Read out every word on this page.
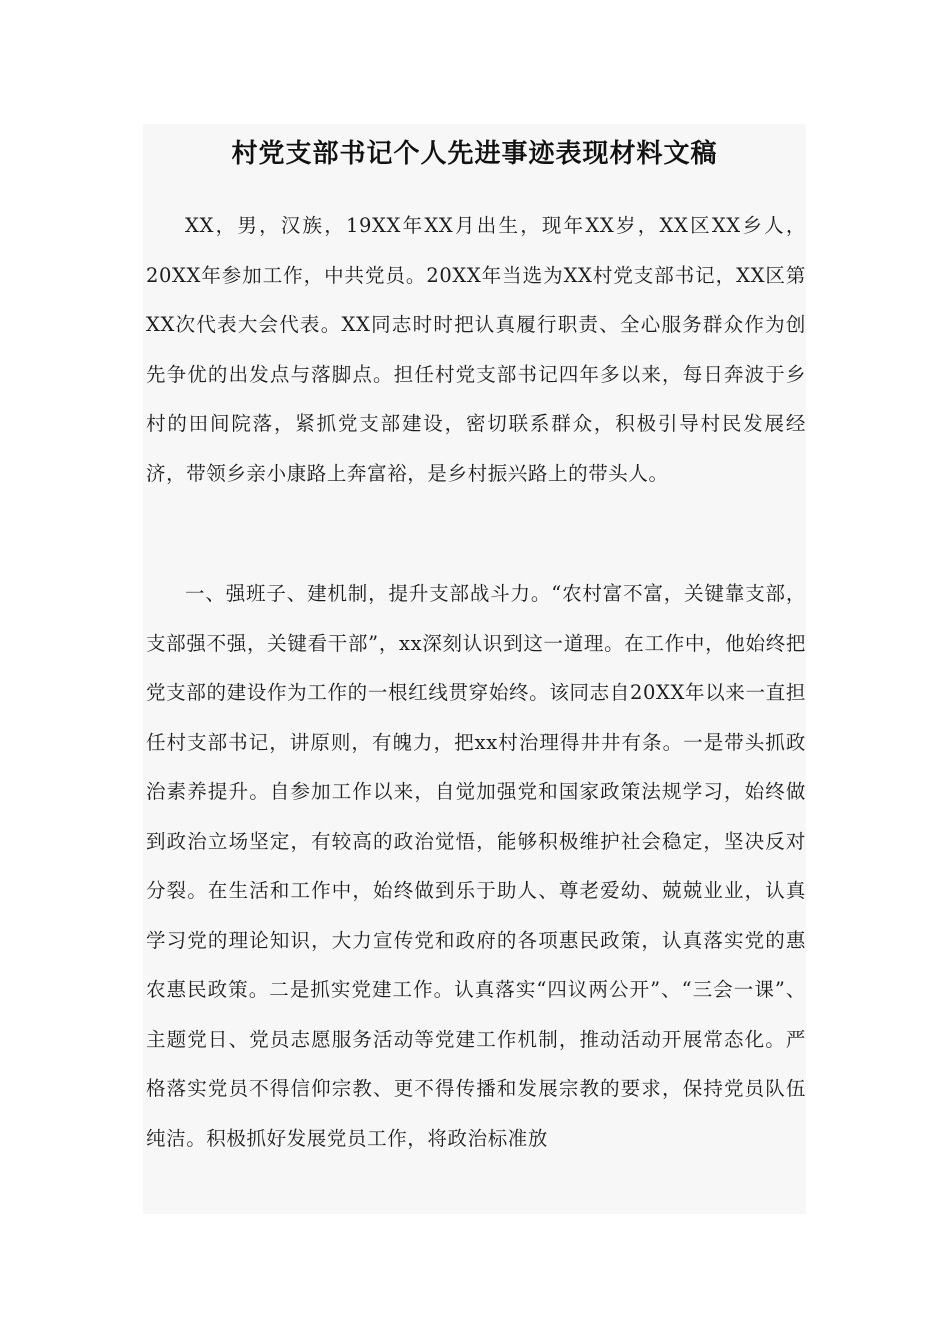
村党支部书记个人先进事迹表现材料文稿

XX，男，汉族，19XX年XX月出生，现年XX岁，XX区XX乡人，20XX年参加工作，中共党员。20XX年当选为XX村党支部书记，XX区第XX次代表大会代表。XX同志时时把认真履行职责、全心服务群众作为创先争优的出发点与落脚点。担任村党支部书记四年多以来，每日奔波于乡村的田间院落，紧抓党支部建设，密切联系群众，积极引导村民发展经济，带领乡亲小康路上奔富裕，是乡村振兴路上的带头人。

一、强班子、建机制，提升支部战斗力。“农村富不富，关键靠支部，支部强不强，关键看干部”，xx深刻认识到这一道理。在工作中，他始终把党支部的建设作为工作的一根红线贯穿始终。该同志自20XX年以来一直担任村支部书记，讲原则，有魄力，把xx村治理得井井有条。一是带头抓政治素养提升。自参加工作以来，自觉加强党和国家政策法规学习，始终做到政治立场坚定，有较高的政治觉悟，能够积极维护社会稳定，坚决反对分裂。在生活和工作中，始终做到乐于助人、尊老爱幼、兢兢业业，认真学习党的理论知识，大力宣传党和政府的各项惠民政策，认真落实党的惠农惠民政策。二是抓实党建工作。认真落实“四议两公开”、“三会一课”、主题党日、党员志愿服务活动等党建工作机制，推动活动开展常态化。严格落实党员不得信仰宗教、更不得传播和发展宗教的要求，保持党员队伍纯洁。积极抓好发展党员工作，将政治标准放
